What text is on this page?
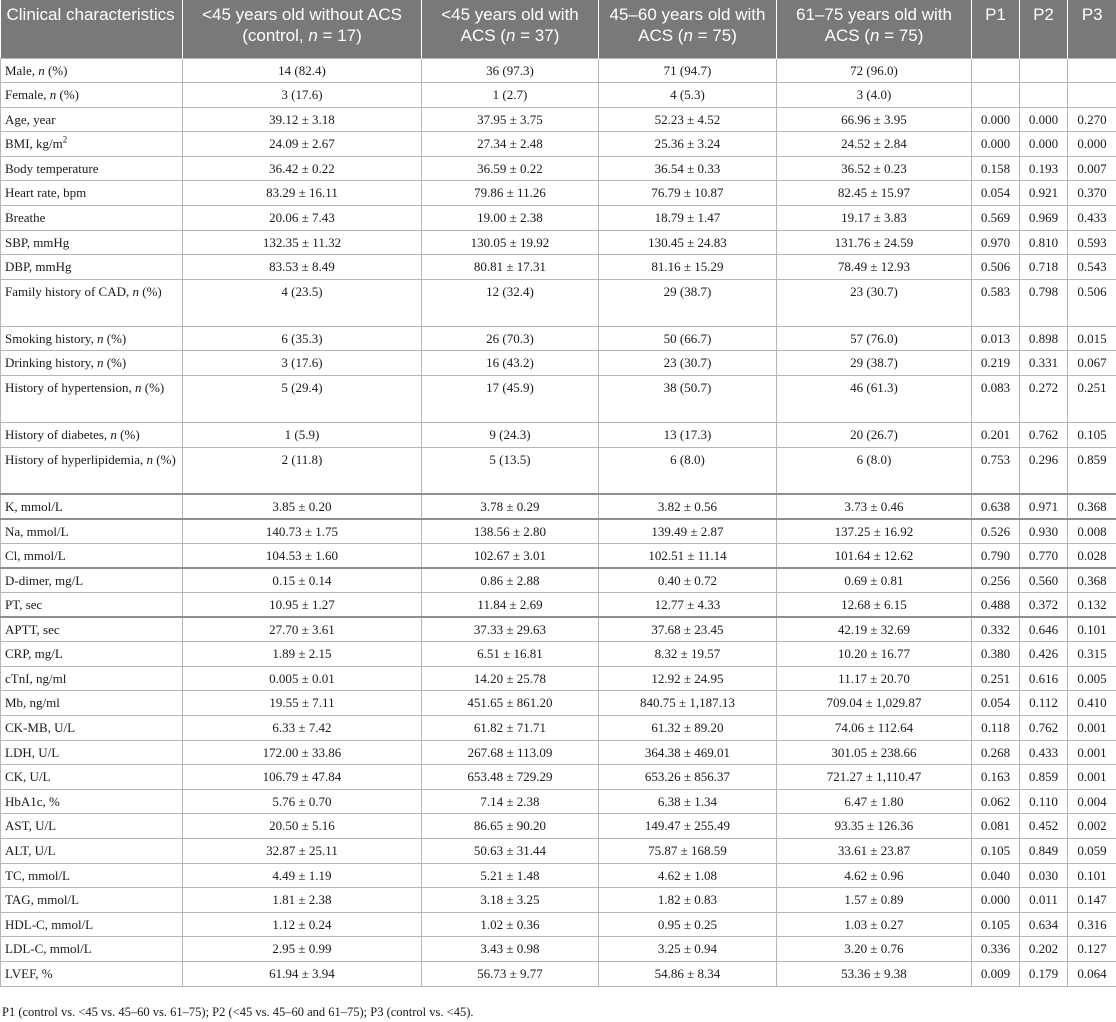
Clinical characteristics	<45 years old without ACS (control, n = 17)	<45 years old with ACS (n = 37)	45–60 years old with ACS (n = 75)	61–75 years old with ACS (n = 75)	P1	P2	P3
Male, n (%)	14 (82.4)	36 (97.3)	71 (94.7)	72 (96.0)			
Female, n (%)	3 (17.6)	1 (2.7)	4 (5.3)	3 (4.0)			
Age, year	39.12 ± 3.18	37.95 ± 3.75	52.23 ± 4.52	66.96 ± 3.95	0.000	0.000	0.270
BMI, $kg/m^2$	24.09 ± 2.67	27.34 ± 2.48	25.36 ± 3.24	24.52 ± 2.84	0.000	0.000	0.000
Body temperature	36.42 ± 0.22	36.59 ± 0.22	36.54 ± 0.33	36.52 ± 0.23	0.158	0.193	0.007
Heart rate, bpm	83.29 ± 16.11	79.86 ± 11.26	76.79 ± 10.87	82.45 ± 15.97	0.054	0.921	0.370
Breathe	20.06 ± 7.43	19.00 ± 2.38	18.79 ± 1.47	19.17 ± 3.83	0.569	0.969	0.433
SBP, mmHg	132.35 ± 11.32	130.05 ± 19.92	130.45 ± 24.83	131.76 ± 24.59	0.970	0.810	0.593
DBP, mmHg	83.53 ± 8.49	80.81 ± 17.31	81.16 ± 15.29	78.49 ± 12.93	0.506	0.718	0.543
Family history of CAD, n (%)	4 (23.5)	12 (32.4)	29 (38.7)	23 (30.7)	0.583	0.798	0.506
Smoking history, n (%)	6 (35.3)	26 (70.3)	50 (66.7)	57 (76.0)	0.013	0.898	0.015
Drinking history, n (%)	3 (17.6)	16 (43.2)	23 (30.7)	29 (38.7)	0.219	0.331	0.067
History of hypertension, n (%)	5 (29.4)	17 (45.9)	38 (50.7)	46 (61.3)	0.083	0.272	0.251
History of diabetes, n (%)	1 (5.9)	9 (24.3)	13 (17.3)	20 (26.7)	0.201	0.762	0.105
History of hyperlipidemia, n (%)	2 (11.8)	5 (13.5)	6 (8.0)	6 (8.0)	0.753	0.296	0.859
K, mmol/L	3.85 ± 0.20	3.78 ± 0.29	3.82 ± 0.56	3.73 ± 0.46	0.638	0.971	0.368
Na, mmol/L	140.73 ± 1.75	138.56 ± 2.80	139.49 ± 2.87	137.25 ± 16.92	0.526	0.930	0.008
Cl, mmol/L	104.53 ± 1.60	102.67 ± 3.01	102.51 ± 11.14	101.64 ± 12.62	0.790	0.770	0.028
D-dimer, mg/L	0.15 ± 0.14	0.86 ± 2.88	0.40 ± 0.72	0.69 ± 0.81	0.256	0.560	0.368
PT, sec	10.95 ± 1.27	11.84 ± 2.69	12.77 ± 4.33	12.68 ± 6.15	0.488	0.372	0.132
APTT, sec	27.70 ± 3.61	37.33 ± 29.63	37.68 ± 23.45	42.19 ± 32.69	0.332	0.646	0.101
CRP, mg/L	1.89 ± 2.15	6.51 ± 16.81	8.32 ± 19.57	10.20 ± 16.77	0.380	0.426	0.315
cTnI, ng/ml	0.005 ± 0.01	14.20 ± 25.78	12.92 ± 24.95	11.17 ± 20.70	0.251	0.616	0.005
Mb, ng/ml	19.55 ± 7.11	451.65 ± 861.20	840.75 ± 1,187.13	709.04 ± 1,029.87	0.054	0.112	0.410
CK-MB, U/L	6.33 ± 7.42	61.82 ± 71.71	61.32 ± 89.20	74.06 ± 112.64	0.118	0.762	0.001
LDH, U/L	172.00 ± 33.86	267.68 ± 113.09	364.38 ± 469.01	301.05 ± 238.66	0.268	0.433	0.001
CK, U/L	106.79 ± 47.84	653.48 ± 729.29	653.26 ± 856.37	721.27 ± 1,110.47	0.163	0.859	0.001
HbA1c, %	5.76 ± 0.70	7.14 ± 2.38	6.38 ± 1.34	6.47 ± 1.80	0.062	0.110	0.004
AST, U/L	20.50 ± 5.16	86.65 ± 90.20	149.47 ± 255.49	93.35 ± 126.36	0.081	0.452	0.002
ALT, U/L	32.87 ± 25.11	50.63 ± 31.44	75.87 ± 168.59	33.61 ± 23.87	0.105	0.849	0.059
TC, mmol/L	4.49 ± 1.19	5.21 ± 1.48	4.62 ± 1.08	4.62 ± 0.96	0.040	0.030	0.101
TAG, mmol/L	1.81 ± 2.38	3.18 ± 3.25	1.82 ± 0.83	1.57 ± 0.89	0.000	0.011	0.147
HDL-C, mmol/L	1.12 ± 0.24	1.02 ± 0.36	0.95 ± 0.25	1.03 ± 0.27	0.105	0.634	0.316
LDL-C, mmol/L	2.95 ± 0.99	3.43 ± 0.98	3.25 ± 0.94	3.20 ± 0.76	0.336	0.202	0.127
LVEF, %	61.94 ± 3.94	56.73 ± 9.77	54.86 ± 8.34	53.36 ± 9.38	0.009	0.179	0.064
P1 (control vs. <45 vs. 45–60 vs. 61–75); P2 (<45 vs. 45–60 and 61–75); P3 (control vs. <45).
